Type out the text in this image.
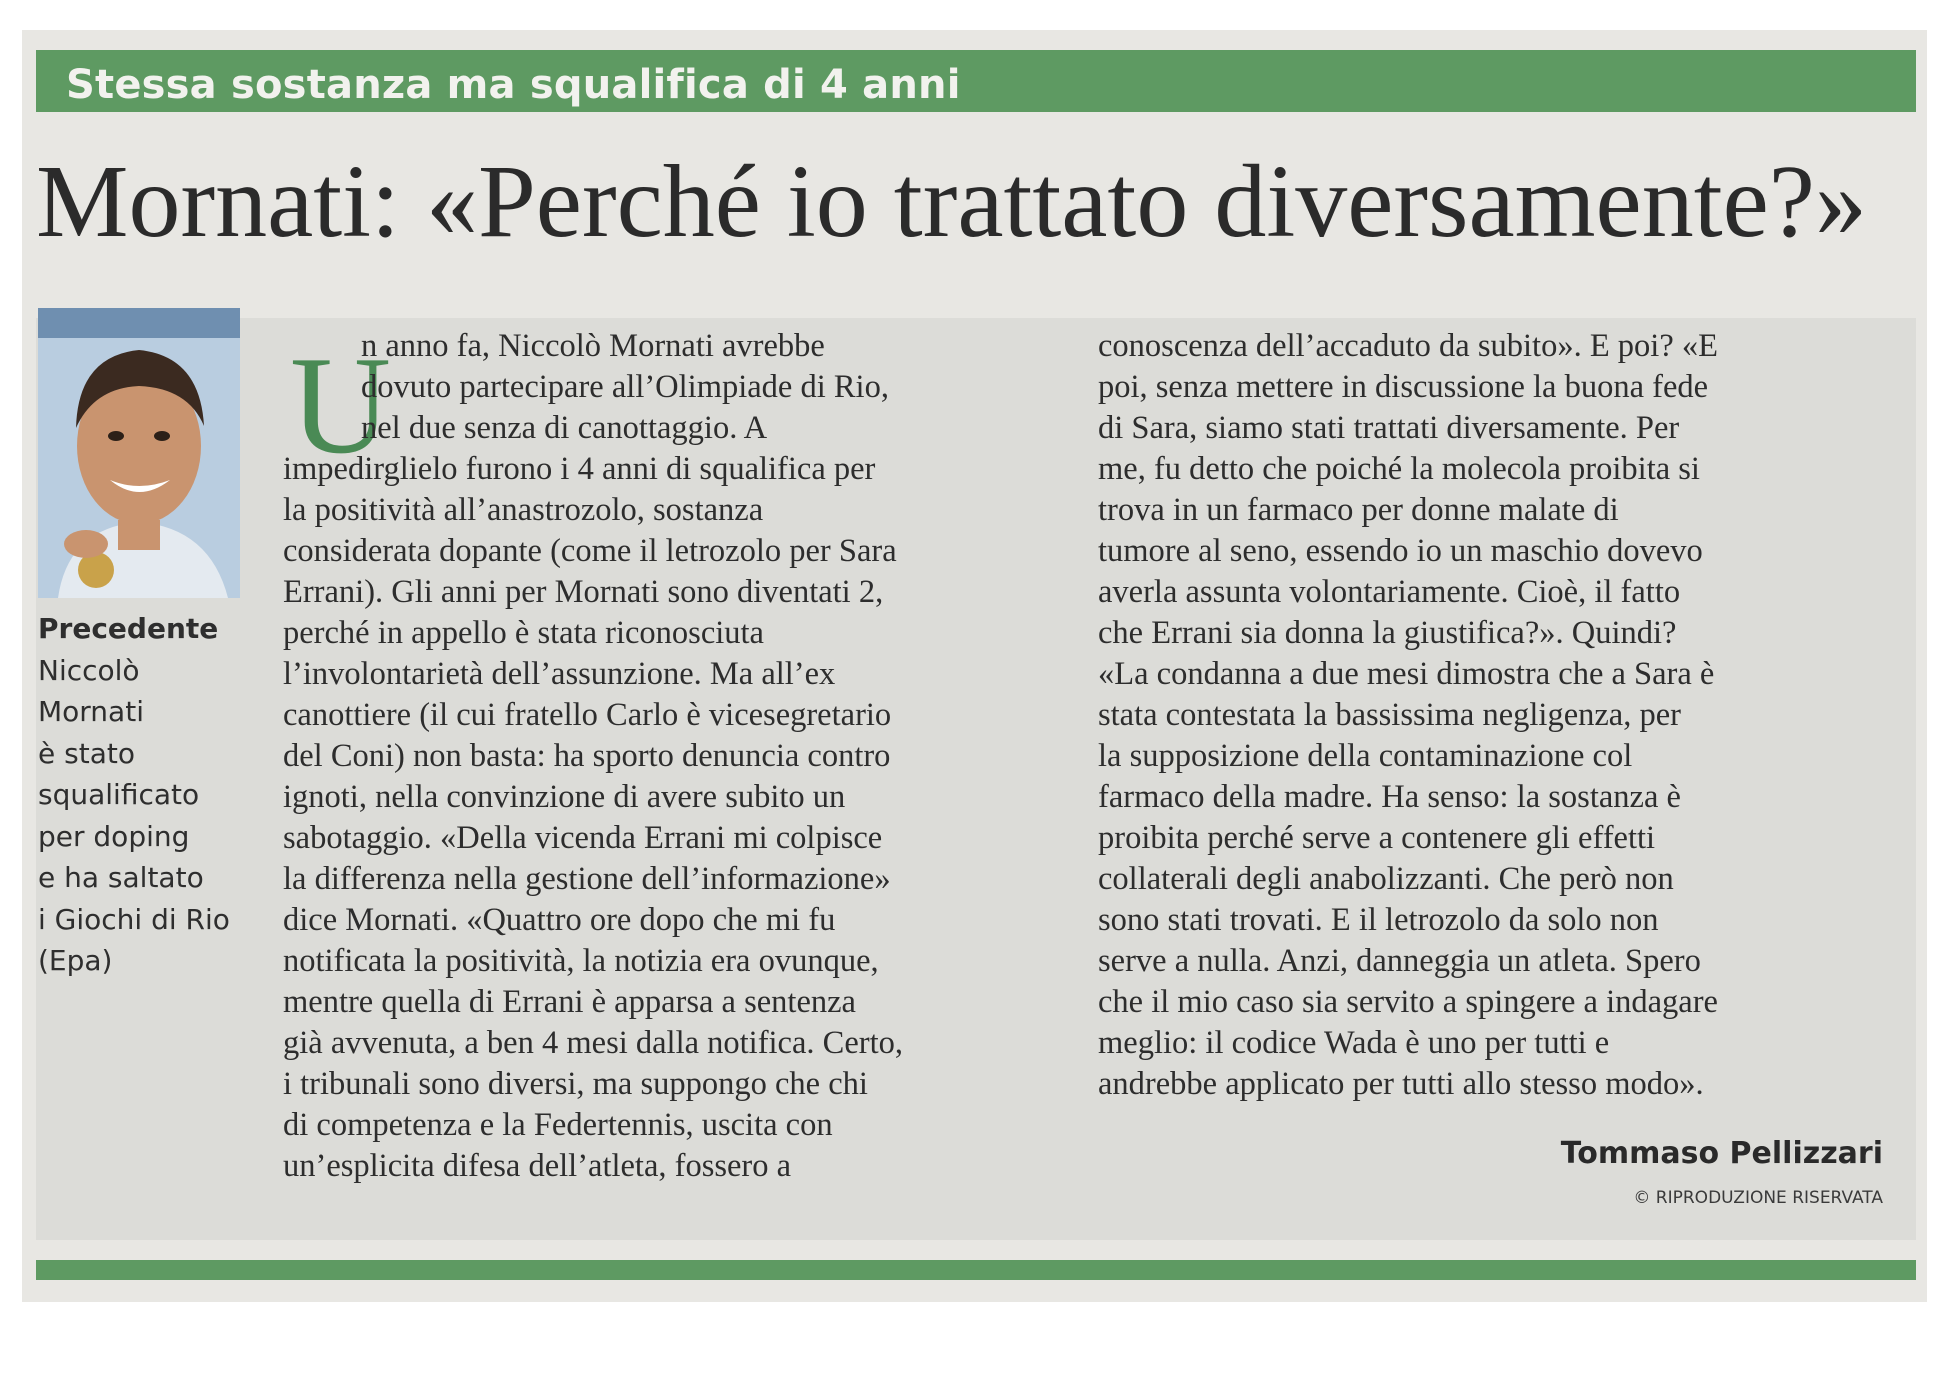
Stessa sostanza ma squalifica di 4 anni
Mornati: «Perché io trattato diversamente?»
Precedente
Niccolò
Mornati
è stato
squalificato
per doping
e ha saltato
i Giochi di Rio
(Epa)
U
n anno fa, Niccolò Mornati avrebbe
dovuto partecipare all’Olimpiade di Rio,
nel due senza di canottaggio. A
impedirglielo furono i 4 anni di squalifica per
la positività all’anastrozolo, sostanza
considerata dopante (come il letrozolo per Sara
Errani). Gli anni per Mornati sono diventati 2,
perché in appello è stata riconosciuta
l’involontarietà dell’assunzione. Ma all’ex
canottiere (il cui fratello Carlo è vicesegretario
del Coni) non basta: ha sporto denuncia contro
ignoti, nella convinzione di avere subito un
sabotaggio. «Della vicenda Errani mi colpisce
la differenza nella gestione dell’informazione»
dice Mornati. «Quattro ore dopo che mi fu
notificata la positività, la notizia era ovunque,
mentre quella di Errani è apparsa a sentenza
già avvenuta, a ben 4 mesi dalla notifica. Certo,
i tribunali sono diversi, ma suppongo che chi
di competenza e la Federtennis, uscita con
un’esplicita difesa dell’atleta, fossero a
conoscenza dell’accaduto da subito». E poi? «E
poi, senza mettere in discussione la buona fede
di Sara, siamo stati trattati diversamente. Per
me, fu detto che poiché la molecola proibita si
trova in un farmaco per donne malate di
tumore al seno, essendo io un maschio dovevo
averla assunta volontariamente. Cioè, il fatto
che Errani sia donna la giustifica?». Quindi?
«La condanna a due mesi dimostra che a Sara è
stata contestata la bassissima negligenza, per
la supposizione della contaminazione col
farmaco della madre. Ha senso: la sostanza è
proibita perché serve a contenere gli effetti
collaterali degli anabolizzanti. Che però non
sono stati trovati. E il letrozolo da solo non
serve a nulla. Anzi, danneggia un atleta. Spero
che il mio caso sia servito a spingere a indagare
meglio: il codice Wada è uno per tutti e
andrebbe applicato per tutti allo stesso modo».
Tommaso Pellizzari
© RIPRODUZIONE RISERVATA
